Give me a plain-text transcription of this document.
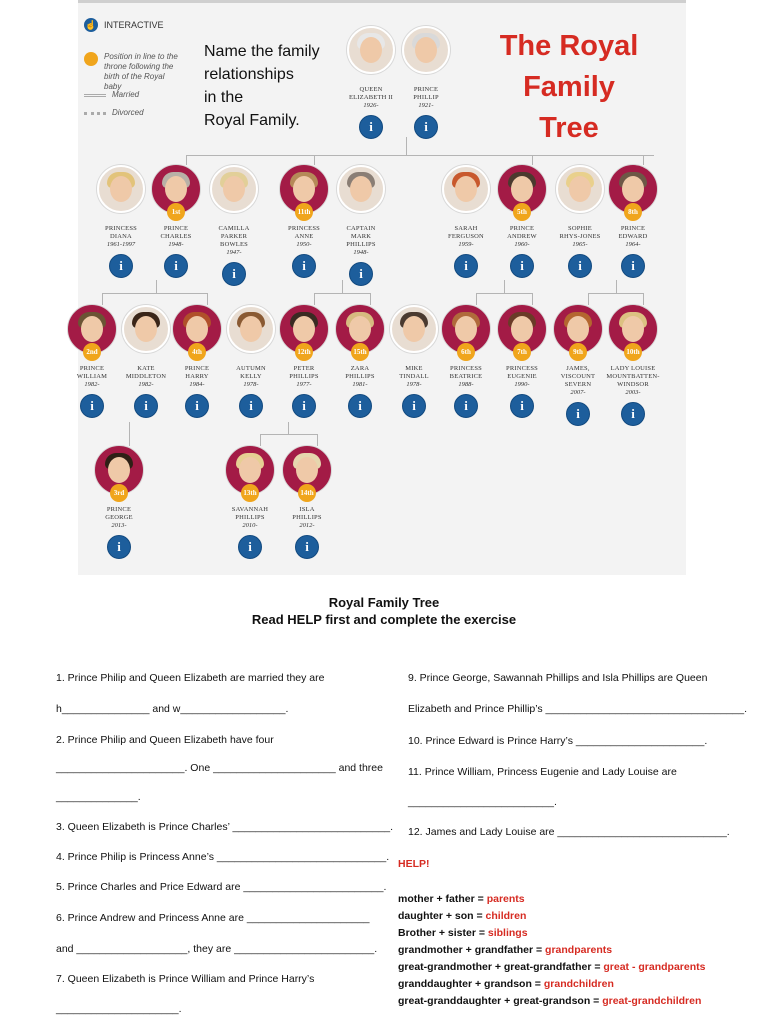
☝ INTERACTIVE
Position in line to the throne following the birth of the Royal baby
Married
Divorced
Name the family
relationships
in the
Royal Family.
The Royal
Family
Tree
QUEEN
ELIZABETH II
1926-
i
PRINCE
PHILLIP
1921-
i
PRINCESS
DIANA
1961-1997
i
1st
PRINCE
CHARLES
1948-
i
CAMILLA
PARKER
BOWLES
1947-
i
11th
PRINCESS
ANNE
1950-
i
CAPTAIN
MARK
PHILLIPS
1948-
i
SARAH
FERGUSON
1959-
i
5th
PRINCE
ANDREW
1960-
i
SOPHIE
RHYS-JONES
1965-
i
8th
PRINCE
EDWARD
1964-
i
2nd
PRINCE
WILLIAM
1982-
i
KATE
MIDDLETON
1982-
i
4th
PRINCE
HARRY
1984-
i
AUTUMN
KELLY
1978-
i
12th
PETER
PHILLIPS
1977-
i
15th
ZARA
PHILLIPS
1981-
i
MIKE
TINDALL
1978-
i
6th
PRINCESS
BEATRICE
1988-
i
7th
PRINCESS
EUGENIE
1990-
i
9th
JAMES,
VISCOUNT
SEVERN
2007-
i
10th
LADY LOUISE
MOUNTBATTEN-
WINDSOR
2003-
i
3rd
PRINCE
GEORGE
2013-
i
13th
SAVANNAH
PHILLIPS
2010-
i
14th
ISLA
PHILLIPS
2012-
i
Royal Family Tree
Read HELP first and complete the exercise
1. Prince Philip and Queen Elizabeth are married they are
h_______________ and w__________________.
2. Prince Philip and Queen Elizabeth have four
______________________. One _____________________ and three
______________.
3. Queen Elizabeth is Prince Charles’ ___________________________.
4. Prince Philip is Princess Anne’s _____________________________.
5. Prince Charles and Price Edward are ________________________.
6. Prince Andrew and Princess Anne are _____________________
and ___________________, they are ________________________.
7. Queen Elizabeth is Prince William and Prince Harry’s
_____________________.
9. Prince George, Sawannah Phillips and Isla Phillips are Queen
Elizabeth and Prince Phillip’s __________________________________.
10. Prince Edward is Prince Harry’s ______________________.
11. Prince William, Princess Eugenie and Lady Louise are
_________________________.
12. James and Lady Louise are _____________________________.
HELP!
mother + father = parents
daughter + son = children
Brother + sister = siblings
grandmother + grandfather = grandparents
great-grandmother + great-grandfather = great - grandparents
granddaughter + grandson = grandchildren
great-granddaughter + great-grandson = great-grandchildren
